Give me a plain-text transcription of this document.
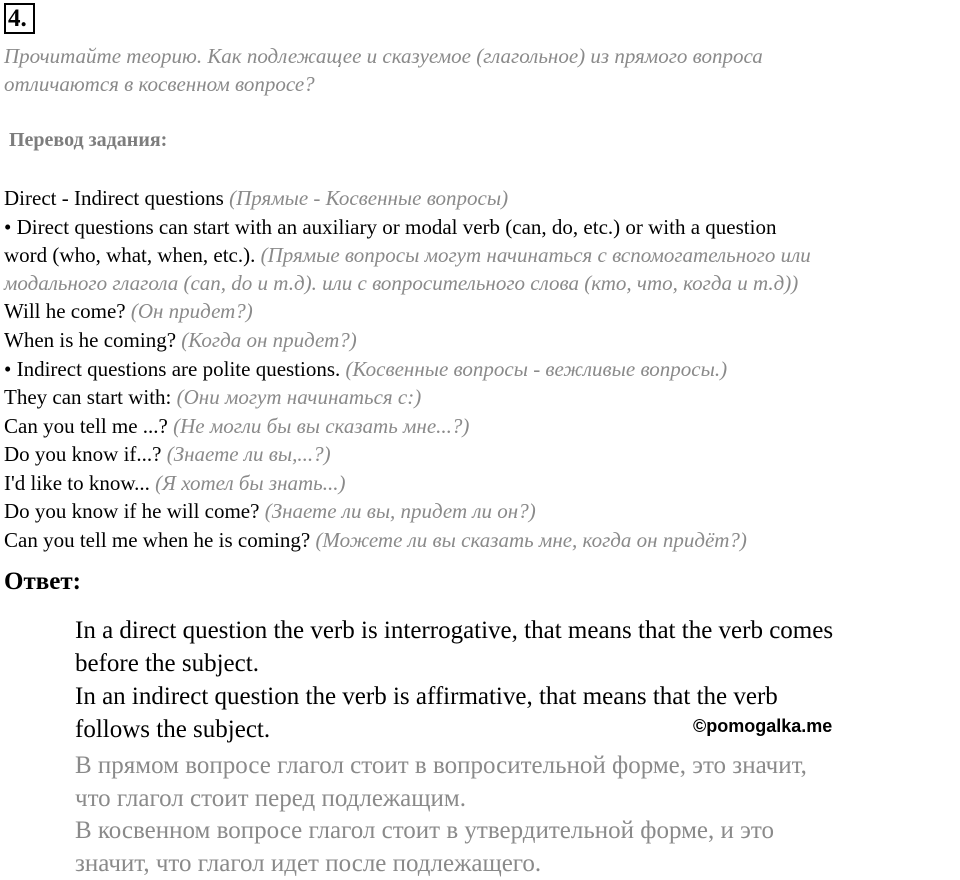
4.
Прочитайте теорию. Как подлежащее и сказуемое (глагольное) из прямого вопроса
отличаются в косвенном вопросе?
Перевод задания:
Direct - Indirect questions (Прямые - Косвенные вопросы)
• Direct questions can start with an auxiliary or modal verb (can, do, etc.) or with a question
word (who, what, when, etc.). (Прямые вопросы могут начинаться с вспомогательного или
модального глагола (can, do и т.д). или с вопросительного слова (кто, что, когда и т.д))
Will he come? (Он придет?)
When is he coming? (Когда он придет?)
• Indirect questions are polite questions. (Косвенные вопросы - вежливые вопросы.)
They can start with: (Они могут начинаться с:)
Can you tell me ...? (Не могли бы вы сказать мне...?)
Do you know if...? (Знаете ли вы,...?)
I'd like to know... (Я хотел бы знать...)
Do you know if he will come? (Знаете ли вы, придет ли он?)
Can you tell me when he is coming? (Можете ли вы сказать мне, когда он придёт?)
Ответ:
In a direct question the verb is interrogative, that means that the verb comes
before the subject.
In an indirect question the verb is affirmative, that means that the verb
follows the subject.	©pomogalka.me
В прямом вопросе глагол стоит в вопросительной форме, это значит,
что глагол стоит перед подлежащим.
В косвенном вопросе глагол стоит в утвердительной форме, и это
значит, что глагол идет после подлежащего.
